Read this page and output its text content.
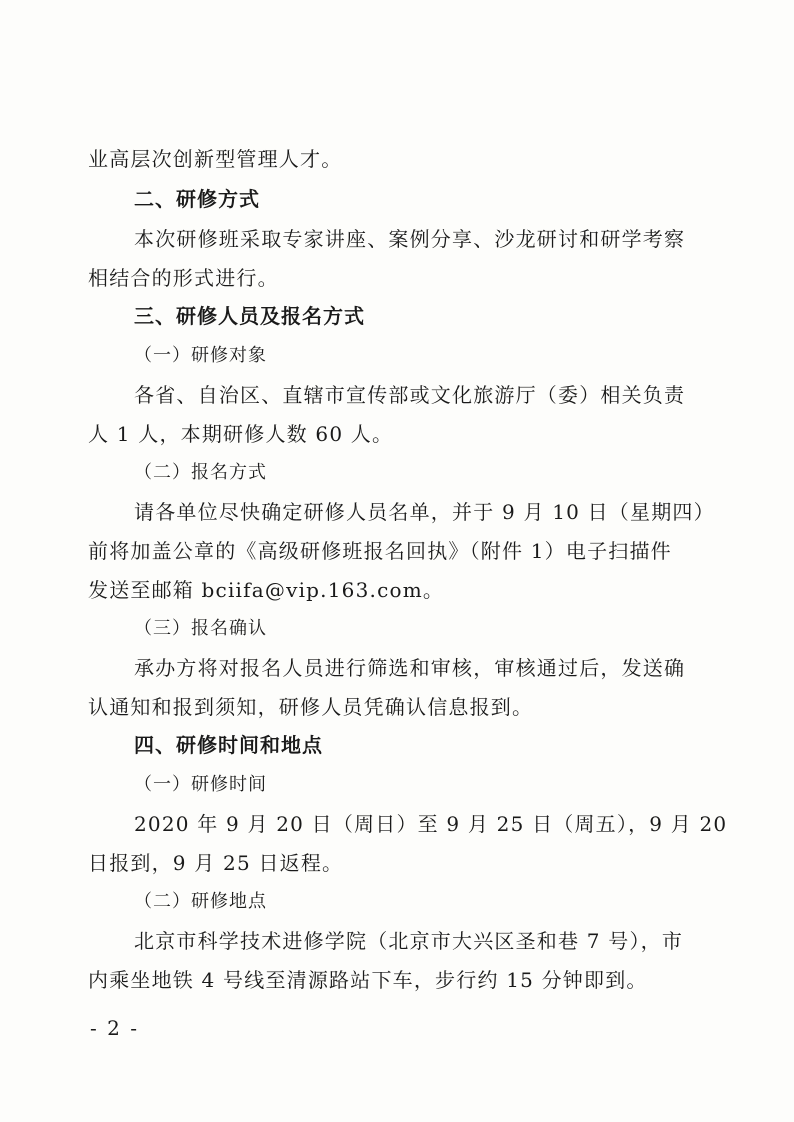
业高层次创新型管理人才。
二、研修方式
本次研修班采取专家讲座、案例分享、沙龙研讨和研学考察
相结合的形式进行。
三、研修人员及报名方式
（一）研修对象
各省、自治区、直辖市宣传部或文化旅游厅（委）相关负责
人 1 人，本期研修人数 60 人。
（二）报名方式
请各单位尽快确定研修人员名单，并于 9 月 10 日（星期四）
前将加盖公章的《高级研修班报名回执》（附件 1）电子扫描件
发送至邮箱 bciifa@vip.163.com。
（三）报名确认
承办方将对报名人员进行筛选和审核，审核通过后，发送确
认通知和报到须知，研修人员凭确认信息报到。
四、研修时间和地点
（一）研修时间
2020 年 9 月 20 日（周日）至 9 月 25 日（周五），9 月 20
日报到，9 月 25 日返程。
（二）研修地点
北京市科学技术进修学院（北京市大兴区圣和巷 7 号），市
内乘坐地铁 4 号线至清源路站下车，步行约 15 分钟即到。
- 2 -
